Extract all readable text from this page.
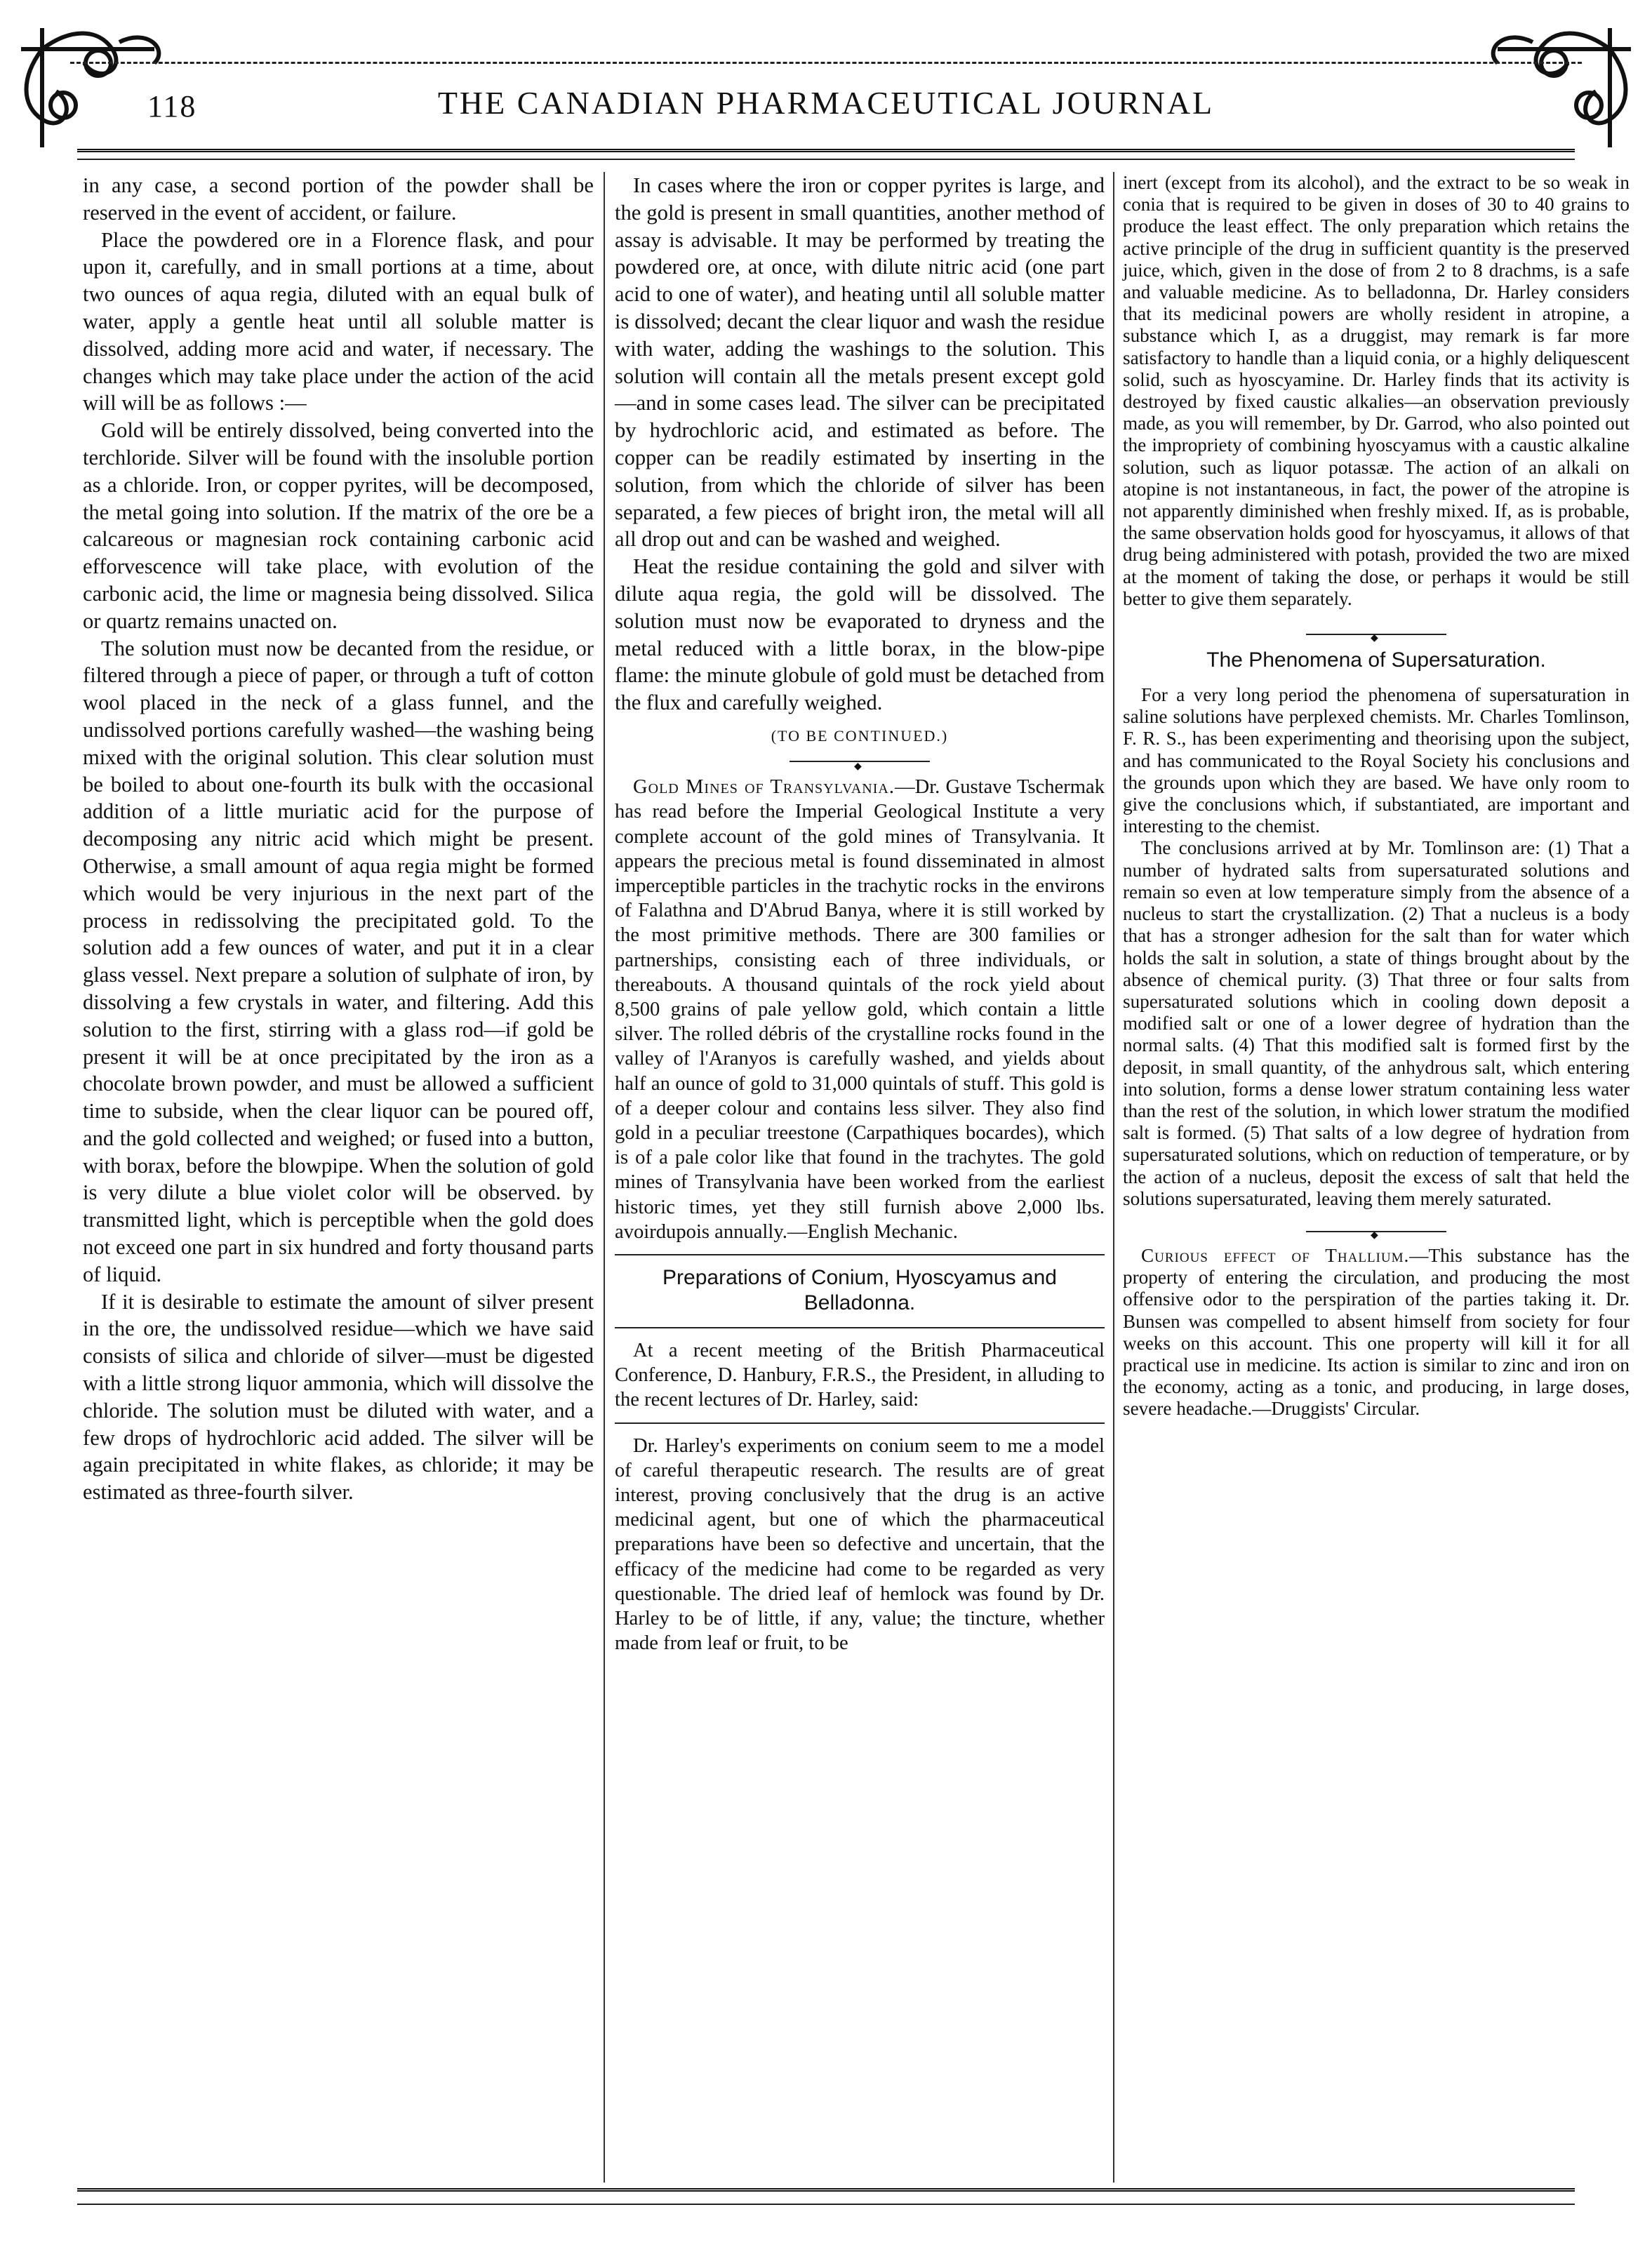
118	THE CANADIAN PHARMACEUTICAL JOURNAL

in any case, a second portion of the powder shall be reserved in the event of accident, or failure.

Place the powdered ore in a Florence flask, and pour upon it, carefully, and in small portions at a time, about two ounces of aqua regia, diluted with an equal bulk of water, apply a gentle heat until all soluble matter is dissolved, adding more acid and water, if necessary. The changes which may take place under the action of the acid will will be as follows :—

Gold will be entirely dissolved, being converted into the terchloride. Silver will be found with the insoluble portion as a chloride. Iron, or copper pyrites, will be decomposed, the metal going into solution. If the matrix of the ore be a calcareous or magnesian rock containing carbonic acid efforvescence will take place, with evolution of the carbonic acid, the lime or magnesia being dissolved. Silica or quartz remains unacted on.

The solution must now be decanted from the residue, or filtered through a piece of paper, or through a tuft of cotton wool placed in the neck of a glass funnel, and the undissolved portions carefully washed—the washing being mixed with the original solution. This clear solution must be boiled to about one-fourth its bulk with the occasional addition of a little muriatic acid for the purpose of decomposing any nitric acid which might be present. Otherwise, a small amount of aqua regia might be formed which would be very injurious in the next part of the process in redissolving the precipitated gold. To the solution add a few ounces of water, and put it in a clear glass vessel. Next prepare a solution of sulphate of iron, by dissolving a few crystals in water, and filtering. Add this solution to the first, stirring with a glass rod—if gold be present it will be at once precipitated by the iron as a chocolate brown powder, and must be allowed a sufficient time to subside, when the clear liquor can be poured off, and the gold collected and weighed; or fused into a button, with borax, before the blowpipe. When the solution of gold is very dilute a blue violet color will be observed. by transmitted light, which is perceptible when the gold does not exceed one part in six hundred and forty thousand parts of liquid.

If it is desirable to estimate the amount of silver present in the ore, the undissolved residue—which we have said consists of silica and chloride of silver—must be digested with a little strong liquor ammonia, which will dissolve the chloride. The solution must be diluted with water, and a few drops of hydrochloric acid added. The silver will be again precipitated in white flakes, as chloride; it may be estimated as three-fourth silver.

In cases where the iron or copper pyrites is large, and the gold is present in small quantities, another method of assay is advisable. It may be performed by treating the powdered ore, at once, with dilute nitric acid (one part acid to one of water), and heating until all soluble matter is dissolved; decant the clear liquor and wash the residue with water, adding the washings to the solution. This solution will contain all the metals present except gold—and in some cases lead. The silver can be precipitated by hydrochloric acid, and estimated as before. The copper can be readily estimated by inserting in the solution, from which the chloride of silver has been separated, a few pieces of bright iron, the metal will all all drop out and can be washed and weighed.

Heat the residue containing the gold and silver with dilute aqua regia, the gold will be dissolved. The solution must now be evaporated to dryness and the metal reduced with a little borax, in the blow-pipe flame: the minute globule of gold must be detached from the flux and carefully weighed.

(TO BE CONTINUED.)
◆

Gold Mines of Transylvania.—Dr. Gustave Tschermak has read before the Imperial Geological Institute a very complete account of the gold mines of Transylvania. It appears the precious metal is found disseminated in almost imperceptible particles in the trachytic rocks in the environs of Falathna and D'Abrud Banya, where it is still worked by the most primitive methods. There are 300 families or partnerships, consisting each of three individuals, or thereabouts. A thousand quintals of the rock yield about 8,500 grains of pale yellow gold, which contain a little silver. The rolled débris of the crystalline rocks found in the valley of l'Aranyos is carefully washed, and yields about half an ounce of gold to 31,000 quintals of stuff. This gold is of a deeper colour and contains less silver. They also find gold in a peculiar treestone (Carpathiques bocardes), which is of a pale color like that found in the trachytes. The gold mines of Transylvania have been worked from the earliest historic times, yet they still furnish above 2,000 lbs. avoirdupois annually.—English Mechanic.

Preparations of Conium, Hyoscyamus and Belladonna.

At a recent meeting of the British Pharmaceutical Conference, D. Hanbury, F.R.S., the President, in alluding to the recent lectures of Dr. Harley, said:

Dr. Harley's experiments on conium seem to me a model of careful therapeutic research. The results are of great interest, proving conclusively that the drug is an active medicinal agent, but one of which the pharmaceutical preparations have been so defective and uncertain, that the efficacy of the medicine had come to be regarded as very questionable. The dried leaf of hemlock was found by Dr. Harley to be of little, if any, value; the tincture, whether made from leaf or fruit, to be

inert (except from its alcohol), and the extract to be so weak in conia that is required to be given in doses of 30 to 40 grains to produce the least effect. The only preparation which retains the active principle of the drug in sufficient quantity is the preserved juice, which, given in the dose of from 2 to 8 drachms, is a safe and valuable medicine. As to belladonna, Dr. Harley considers that its medicinal powers are wholly resident in atropine, a substance which I, as a druggist, may remark is far more satisfactory to handle than a liquid conia, or a highly deliquescent solid, such as hyoscyamine. Dr. Harley finds that its activity is destroyed by fixed caustic alkalies—an observation previously made, as you will remember, by Dr. Garrod, who also pointed out the impropriety of combining hyoscyamus with a caustic alkaline solution, such as liquor potassæ. The action of an alkali on atopine is not instantaneous, in fact, the power of the atropine is not apparently diminished when freshly mixed. If, as is probable, the same observation holds good for hyoscyamus, it allows of that drug being administered with potash, provided the two are mixed at the moment of taking the dose, or perhaps it would be still better to give them separately.

◆
The Phenomena of Supersaturation.

For a very long period the phenomena of supersaturation in saline solutions have perplexed chemists. Mr. Charles Tomlinson, F. R. S., has been experimenting and theorising upon the subject, and has communicated to the Royal Society his conclusions and the grounds upon which they are based. We have only room to give the conclusions which, if substantiated, are important and interesting to the chemist.

The conclusions arrived at by Mr. Tomlinson are: (1) That a number of hydrated salts from supersaturated solutions and remain so even at low temperature simply from the absence of a nucleus to start the crystallization. (2) That a nucleus is a body that has a stronger adhesion for the salt than for water which holds the salt in solution, a state of things brought about by the absence of chemical purity. (3) That three or four salts from supersaturated solutions which in cooling down deposit a modified salt or one of a lower degree of hydration than the normal salts. (4) That this modified salt is formed first by the deposit, in small quantity, of the anhydrous salt, which entering into solution, forms a dense lower stratum containing less water than the rest of the solution, in which lower stratum the modified salt is formed. (5) That salts of a low degree of hydration from supersaturated solutions, which on reduction of temperature, or by the action of a nucleus, deposit the excess of salt that held the solutions supersaturated, leaving them merely saturated.

◆

Curious effect of Thallium.—This substance has the property of entering the circulation, and producing the most offensive odor to the perspiration of the parties taking it. Dr. Bunsen was compelled to absent himself from society for four weeks on this account. This one property will kill it for all practical use in medicine. Its action is similar to zinc and iron on the economy, acting as a tonic, and producing, in large doses, severe headache.—Druggists' Circular.
